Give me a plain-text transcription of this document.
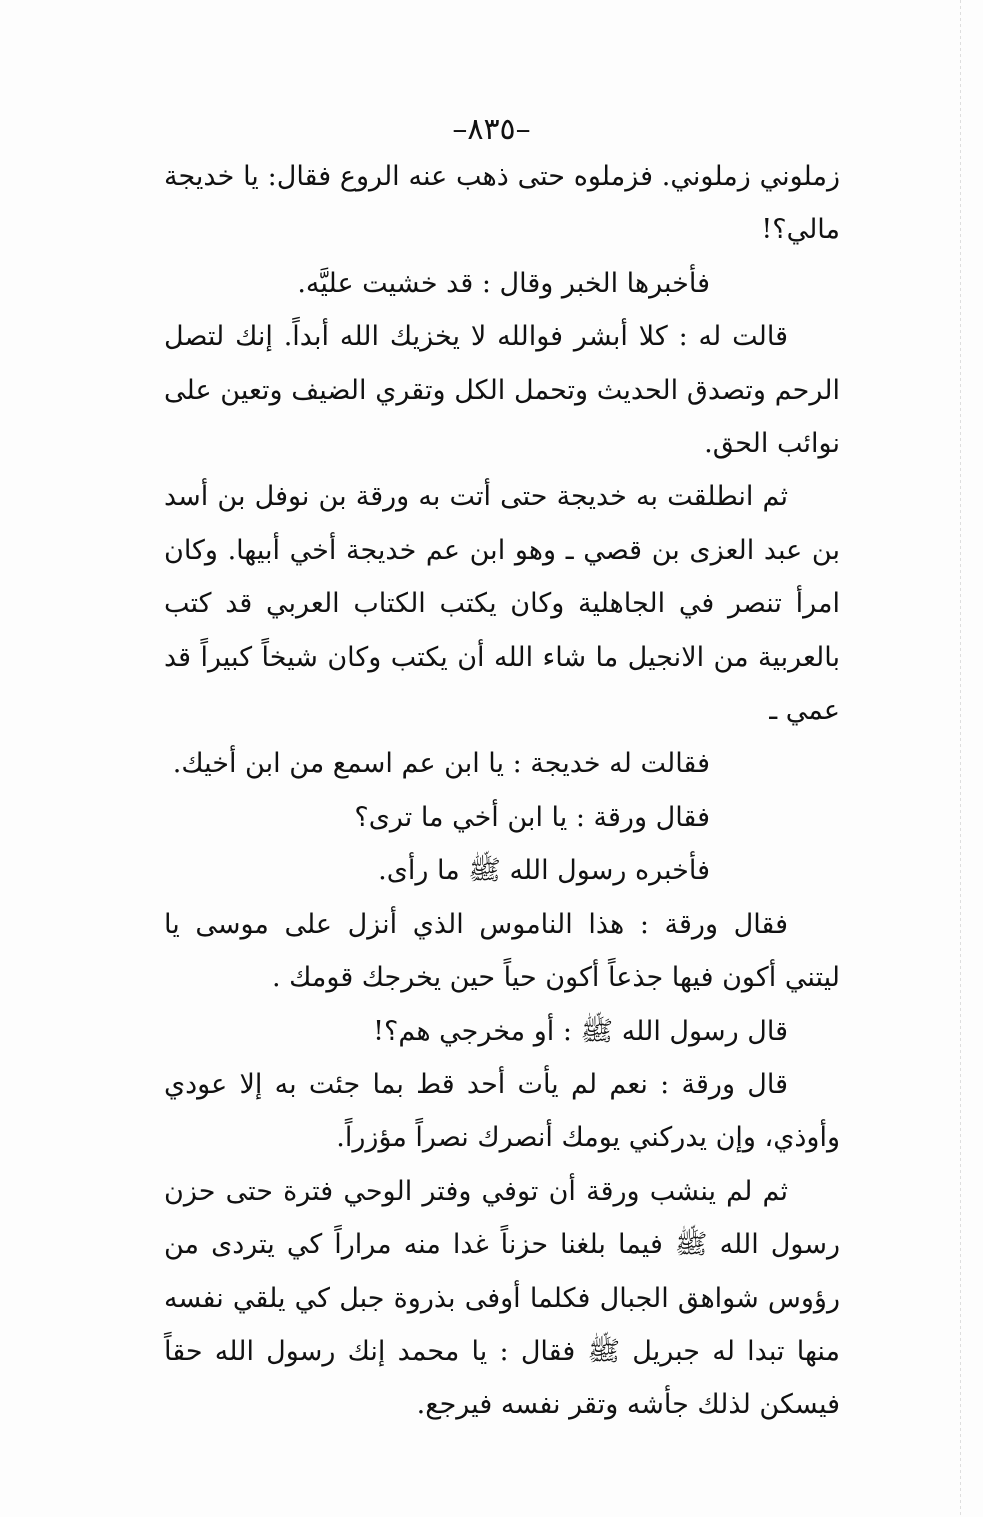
–٨٣٥–

زملوني زملوني. فزملوه حتى ذهب عنه الروع فقال: يا خديجة مالي؟!

فأخبرها الخبر وقال : قد خشيت عليَّه.

قالت له : كلا أبشر فوالله لا يخزيك الله أبداً. إنك لتصل الرحم وتصدق الحديث وتحمل الكل وتقري الضيف وتعين على نوائب الحق.

ثم انطلقت به خديجة حتى أتت به ورقة بن نوفل بن أسد بن عبد العزى بن قصي ـ وهو ابن عم خديجة أخي أبيها. وكان امرأ تنصر في الجاهلية وكان يكتب الكتاب العربي قد كتب بالعربية من الانجيل ما شاء الله أن يكتب وكان شيخاً كبيراً قد عمي ـ

فقالت له خديجة : يا ابن عم اسمع من ابن أخيك.

فقال ورقة : يا ابن أخي ما ترى؟

فأخبره رسول الله ﷺ ما رأى.

فقال ورقة : هذا الناموس الذي أنزل على موسى يا ليتني أكون فيها جذعاً أكون حياً حين يخرجك قومك .

قال رسول الله ﷺ : أو مخرجي هم؟!

قال ورقة : نعم لم يأت أحد قط بما جئت به إلا عودي وأوذي، وإن يدركني يومك أنصرك نصراً مؤزراً.

ثم لم ينشب ورقة أن توفي وفتر الوحي فترة حتى حزن رسول الله ﷺ فيما بلغنا حزناً غدا منه مراراً كي يتردى من رؤوس شواهق الجبال فكلما أوفى بذروة جبل كي يلقي نفسه منها تبدا له جبريل ﷺ فقال : يا محمد إنك رسول الله حقاً فيسكن لذلك جأشه وتقر نفسه فيرجع.
